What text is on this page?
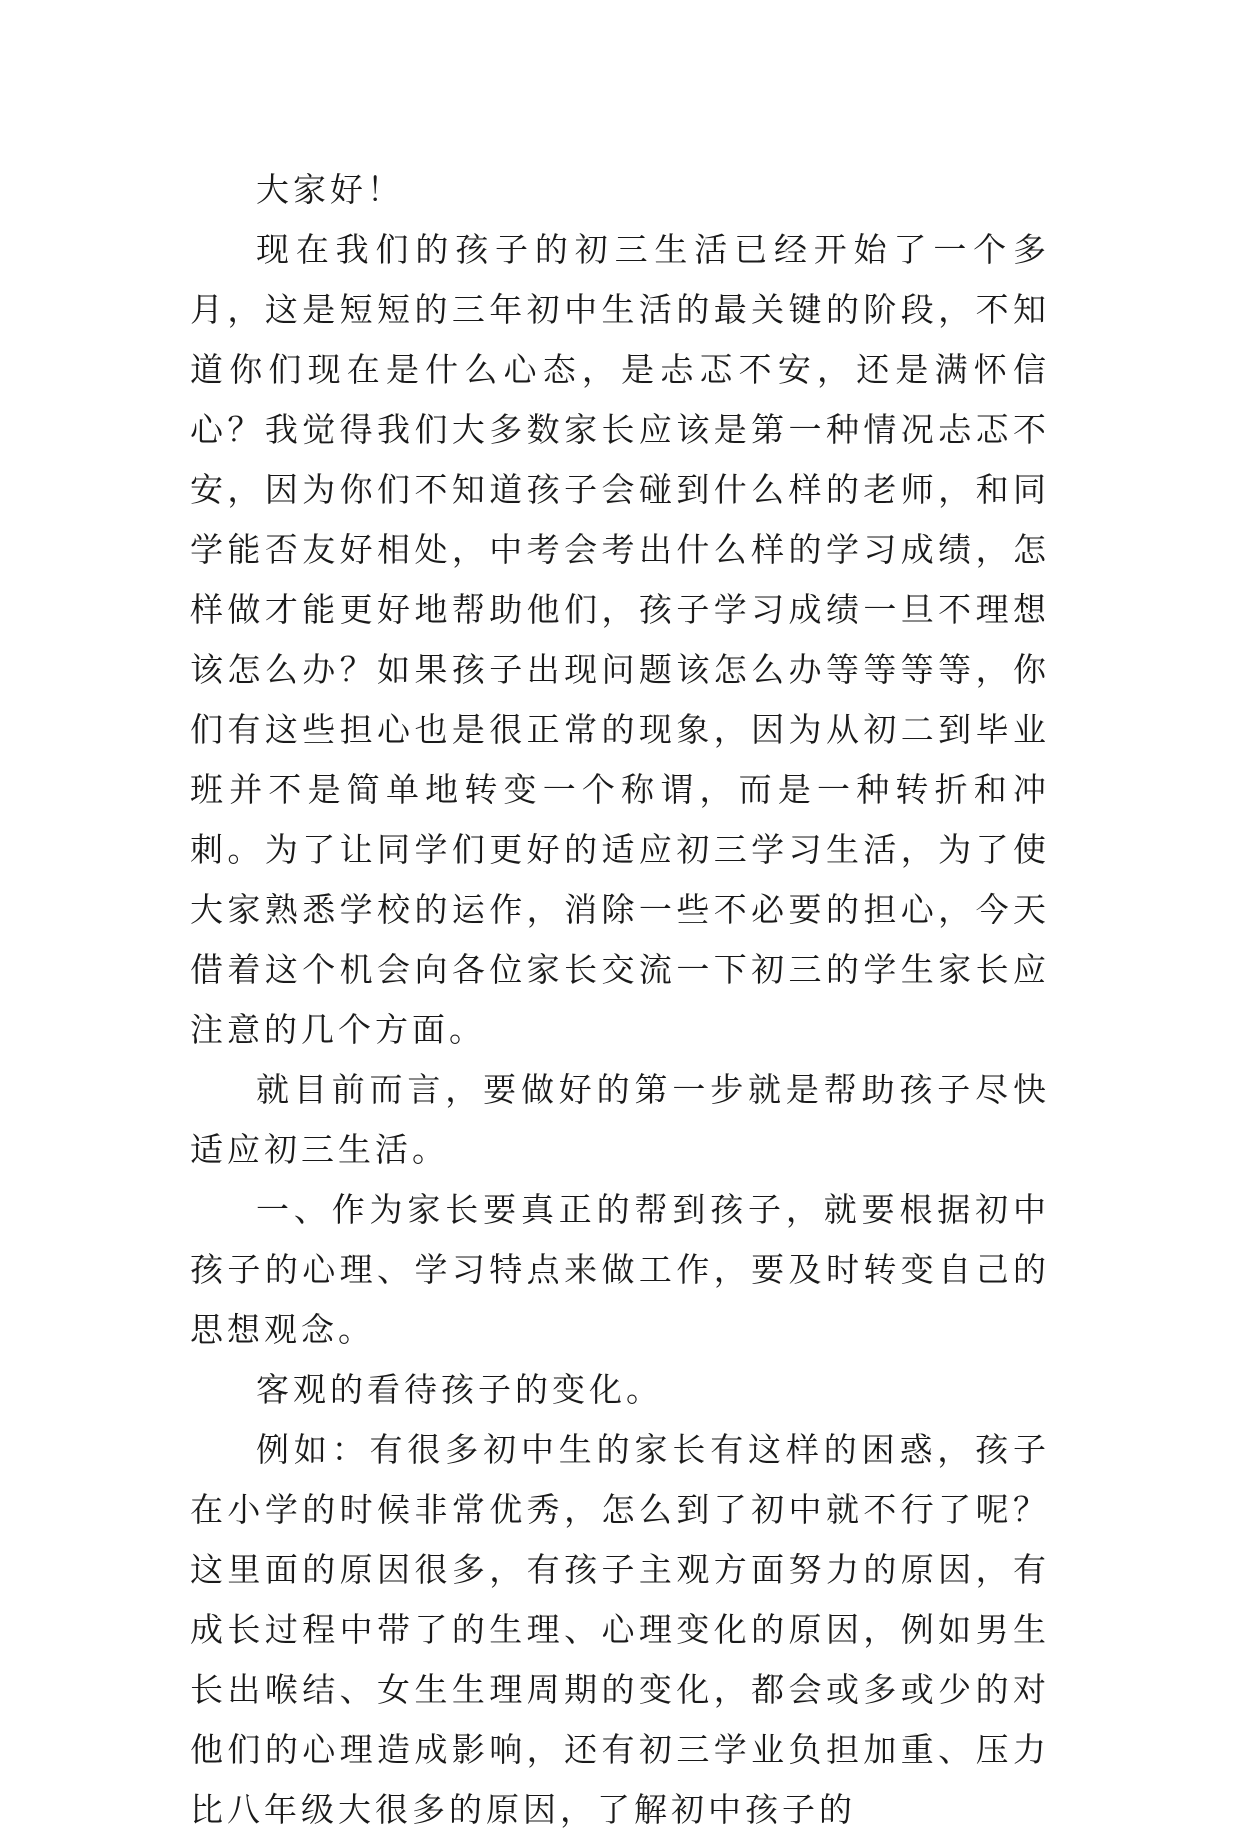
大家好！

现在我们的孩子的初三生活已经开始了一个多月，这是短短的三年初中生活的最关键的阶段，不知道你们现在是什么心态，是忐忑不安，还是满怀信心？我觉得我们大多数家长应该是第一种情况忐忑不安，因为你们不知道孩子会碰到什么样的老师，和同学能否友好相处，中考会考出什么样的学习成绩，怎样做才能更好地帮助他们，孩子学习成绩一旦不理想该怎么办？如果孩子出现问题该怎么办等等等等，你们有这些担心也是很正常的现象，因为从初二到毕业班并不是简单地转变一个称谓，而是一种转折和冲刺。为了让同学们更好的适应初三学习生活，为了使大家熟悉学校的运作，消除一些不必要的担心，今天借着这个机会向各位家长交流一下初三的学生家长应注意的几个方面。

就目前而言，要做好的第一步就是帮助孩子尽快适应初三生活。

一、作为家长要真正的帮到孩子，就要根据初中孩子的心理、学习特点来做工作，要及时转变自己的思想观念。

客观的看待孩子的变化。

例如：有很多初中生的家长有这样的困惑，孩子在小学的时候非常优秀，怎么到了初中就不行了呢？这里面的原因很多，有孩子主观方面努力的原因，有成长过程中带了的生理、心理变化的原因，例如男生长出喉结、女生生理周期的变化，都会或多或少的对他们的心理造成影响，还有初三学业负担加重、压力比八年级大很多的原因，了解初中孩子的
